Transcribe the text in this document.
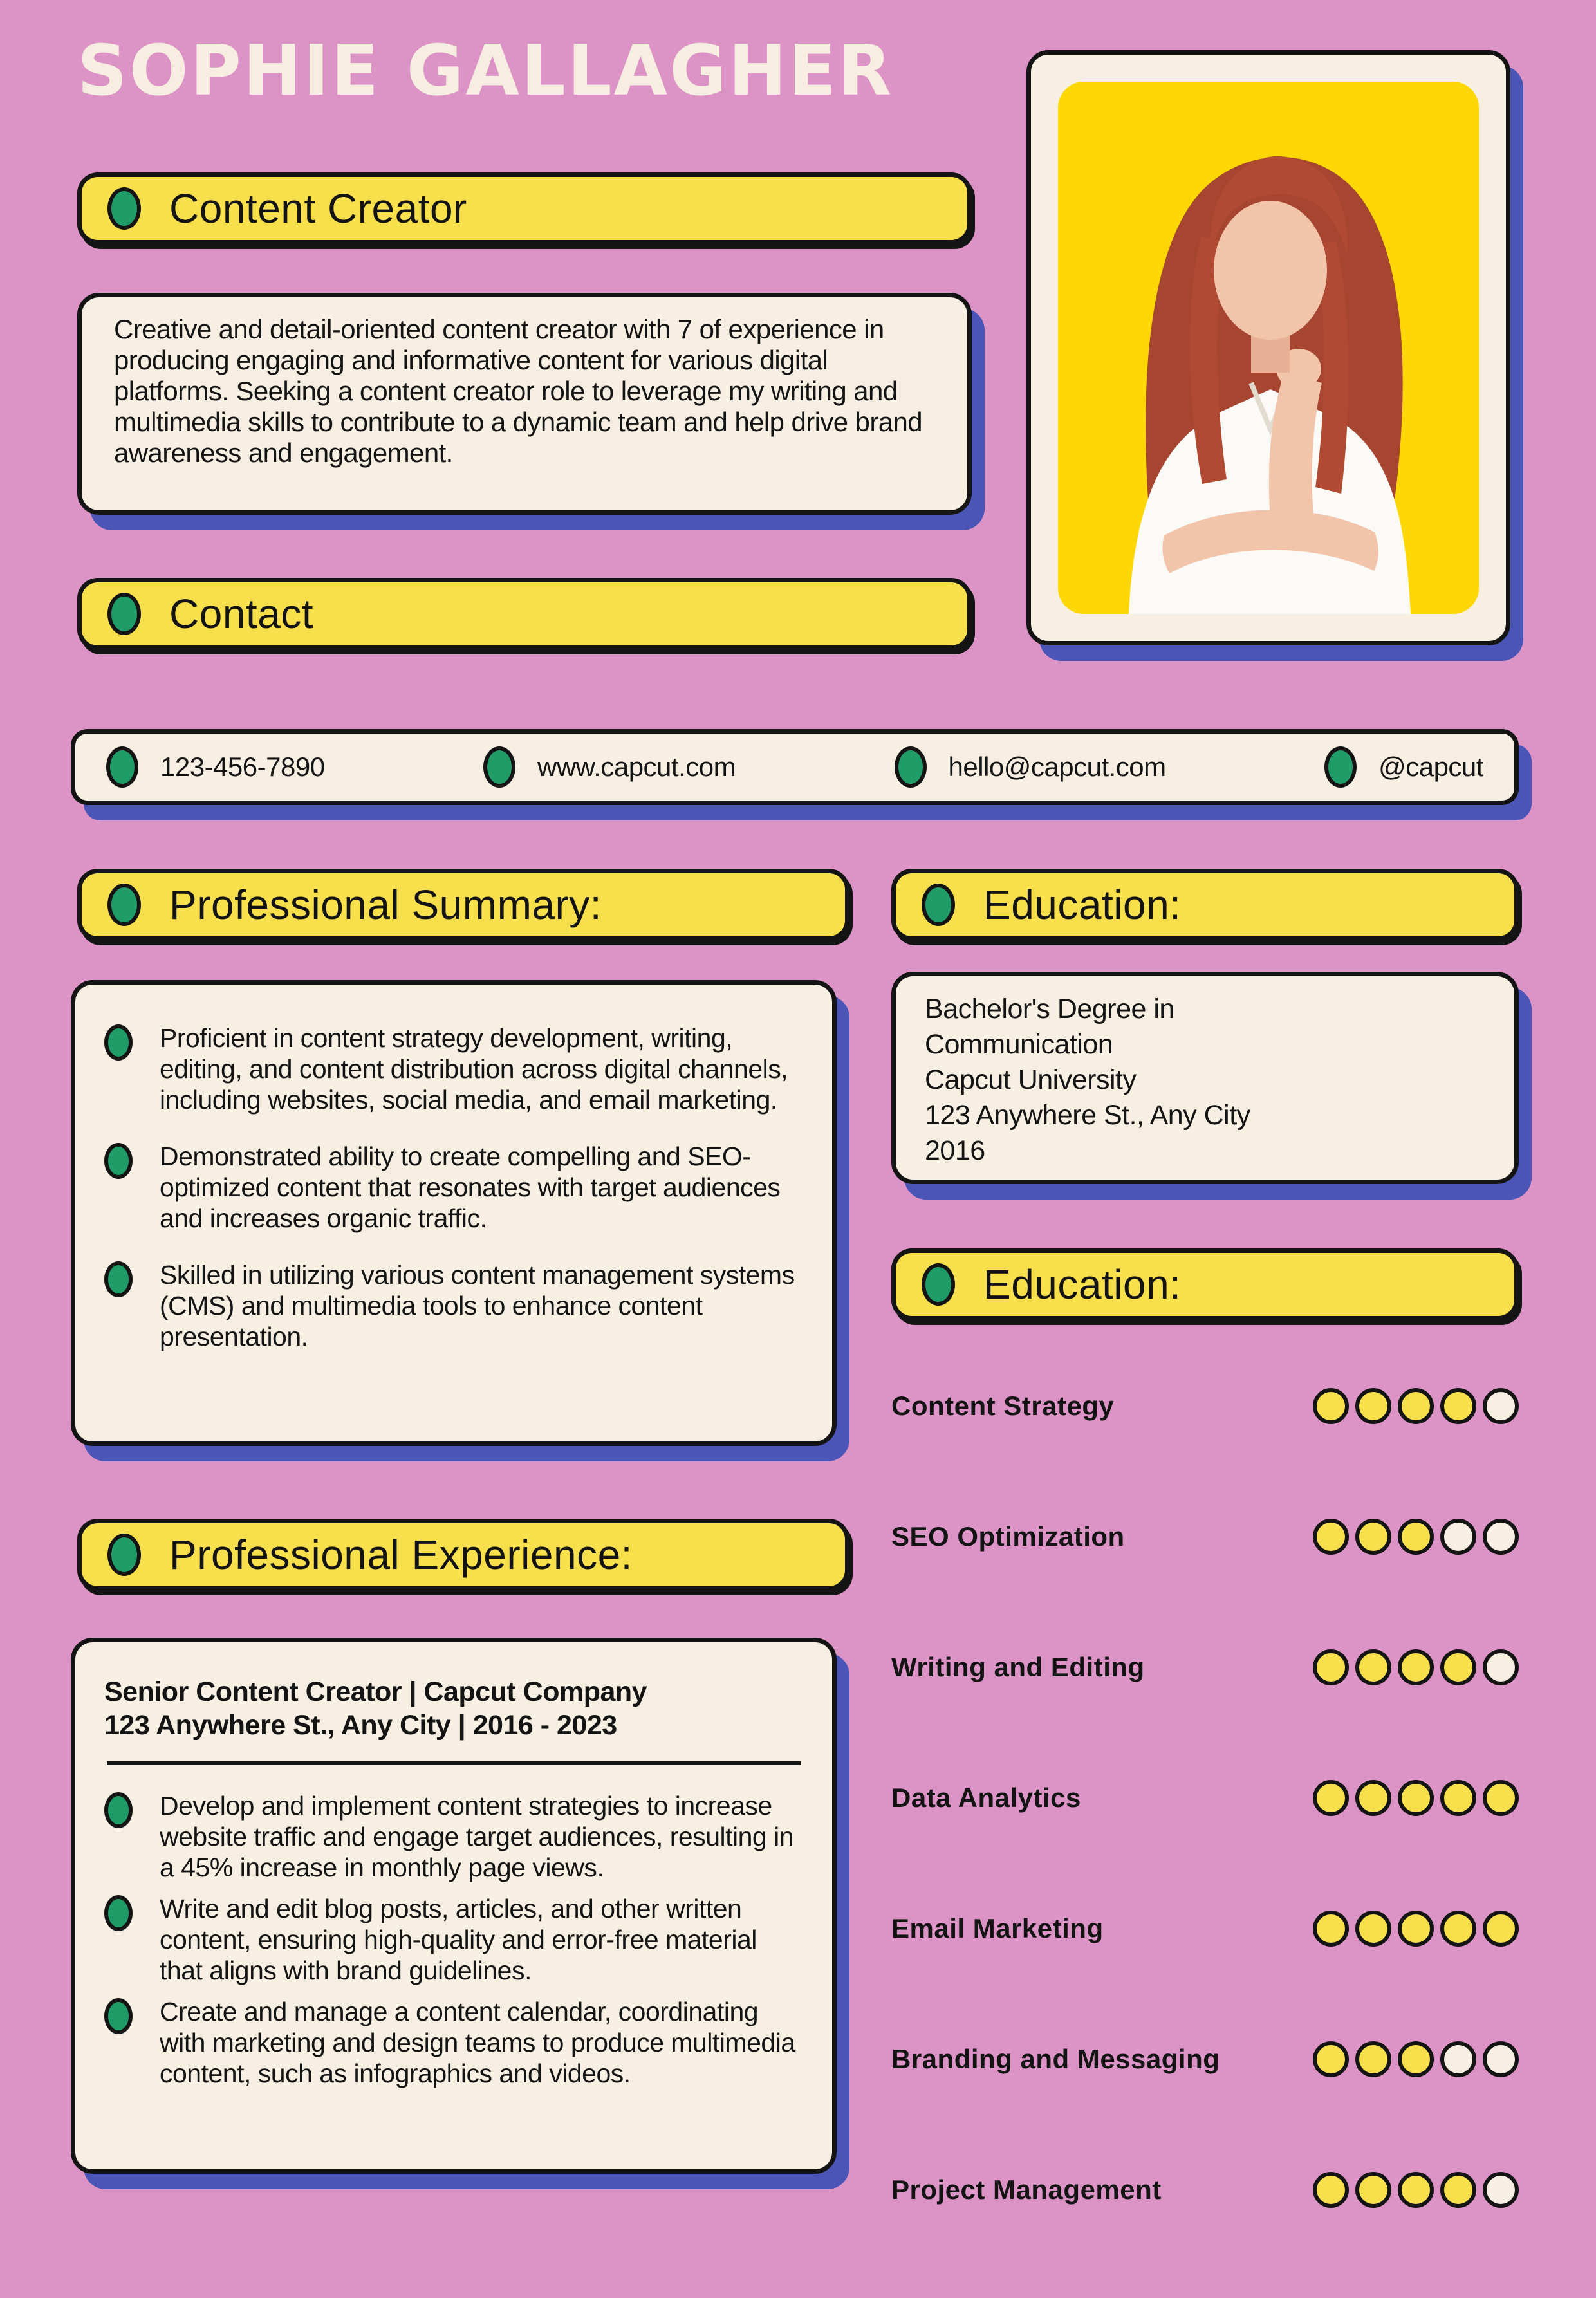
SOPHIE GALLAGHER
Content Creator

Creative and detail-oriented content creator with 7 of experience in producing engaging and informative content for various digital platforms. Seeking a content creator role to leverage my writing and multimedia skills to contribute to a dynamic team and help drive brand awareness and engagement.

Contact
123-456-7890	www.capcut.com	hello@capcut.com	@capcut
Professional Summary:	Education:
Proficient in content strategy development, writing, editing, and content distribution across digital channels, including websites, social media, and email marketing.
Demonstrated ability to create compelling and SEO-optimized content that resonates with target audiences and increases organic traffic.
Skilled in utilizing various content management systems (CMS) and multimedia tools to enhance content presentation.
Bachelor's Degree in
Communication
Capcut University
123 Anywhere St., Any City
2016
Education:
Content Strategy
SEO Optimization
Writing and Editing
Data Analytics
Email Marketing
Branding and Messaging
Project Management
Professional Experience:
Senior Content Creator | Capcut Company
123 Anywhere St., Any City | 2016 - 2023
Develop and implement content strategies to increase website traffic and engage target audiences, resulting in a 45% increase in monthly page views.
Write and edit blog posts, articles, and other written content, ensuring high-quality and error-free material that aligns with brand guidelines.
Create and manage a content calendar, coordinating with marketing and design teams to produce multimedia content, such as infographics and videos.
